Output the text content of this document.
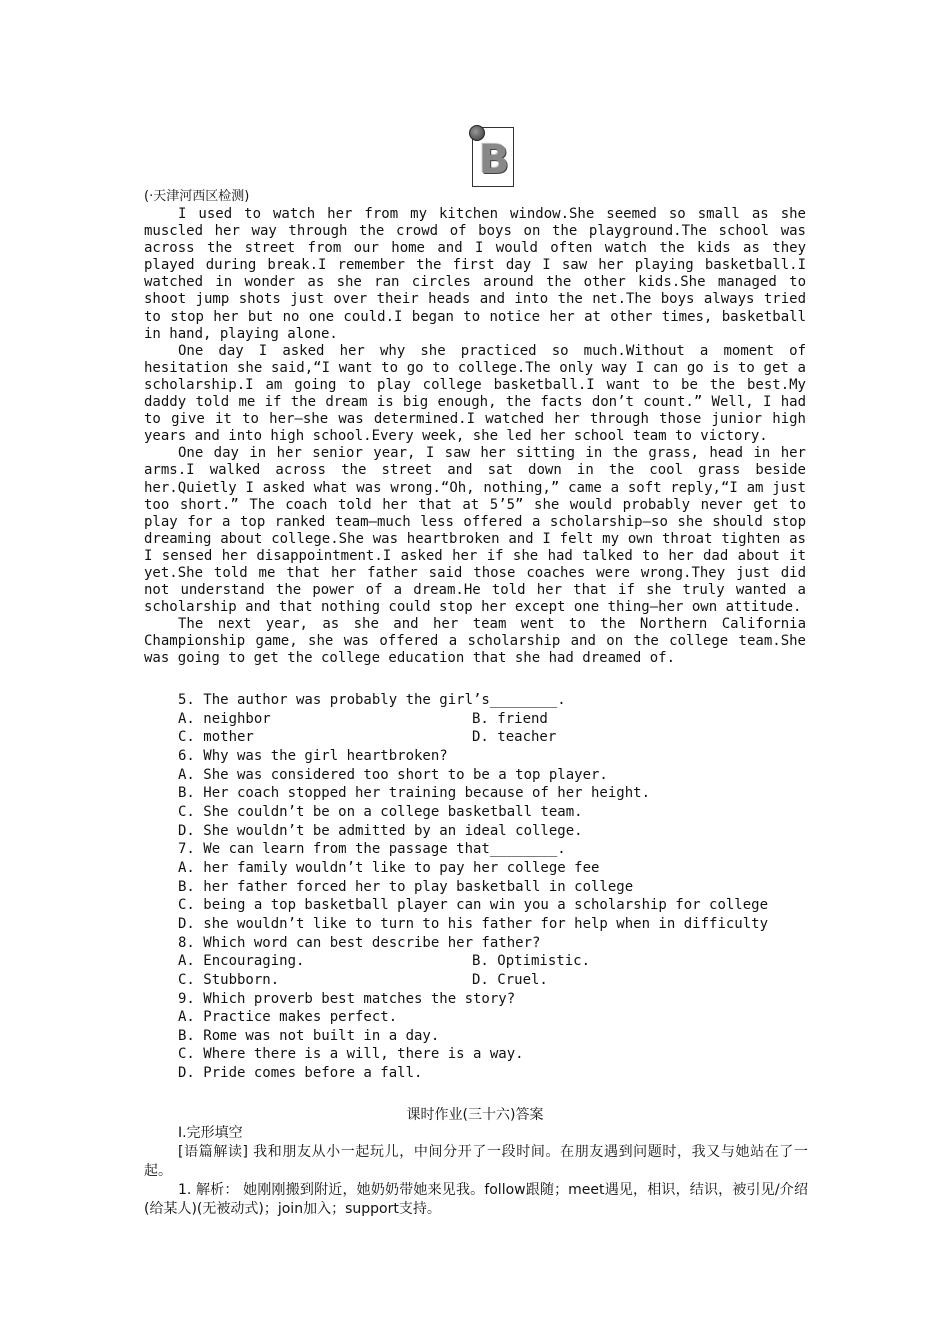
B
(·天津河西区检测)

I used to watch her from my kitchen window.She seemed so small as she muscled her way through the crowd of boys on the playground.The school was across the street from our home and I would often watch the kids as they played during break.I remember the first day I saw her playing basketball.I watched in wonder as she ran circles around the other kids.She managed to shoot jump shots just over their heads and into the net.The boys always tried to stop her but no one could.I began to notice her at other times, basketball in hand, playing alone.

One day I asked her why she practiced so much.Without a moment of hesitation she said,“I want to go to college.The only way I can go is to get a scholarship.I am going to play college basketball.I want to be the best.My daddy told me if the dream is big enough, the facts don’t count.” Well, I had to give it to her—she was determined.I watched her through those junior high years and into high school.Every week, she led her school team to victory.

One day in her senior year, I saw her sitting in the grass, head in her arms.I walked across the street and sat down in the cool grass beside her.Quietly I asked what was wrong.“Oh, nothing,” came a soft reply,“I am just too short.” The coach told her that at 5’5” she would probably never get to play for a top ranked team—much less offered a scholarship—so she should stop dreaming about college.She was heartbroken and I felt my own throat tighten as I sensed her disappointment.I asked her if she had talked to her dad about it yet.She told me that her father said those coaches were wrong.They just did not understand the power of a dream.He told her that if she truly wanted a scholarship and that nothing could stop her except one thing—her own attitude.

The next year, as she and her team went to the Northern California Championship game, she was offered a scholarship and on the college team.She was going to get the college education that she had dreamed of.

5. The author was probably the girl’s________.
A. neighbor	B. friend
C. mother	D. teacher
6. Why was the girl heartbroken?
A. She was considered too short to be a top player.
B. Her coach stopped her training because of her height.
C. She couldn’t be on a college basketball team.
D. She wouldn’t be admitted by an ideal college.
7. We can learn from the passage that________.
A. her family wouldn’t like to pay her college fee
B. her father forced her to play basketball in college
C. being a top basketball player can win you a scholarship for college
D. she wouldn’t like to turn to his father for help when in difficulty
8. Which word can best describe her father?
A. Encouraging.	B. Optimistic.
C. Stubborn.	D. Cruel.
9. Which proverb best matches the story?
A. Practice makes perfect.
B. Rome was not built in a day.
C. Where there is a will, there is a way.
D. Pride comes before a fall.
课时作业(三十六)答案

Ⅰ.完形填空

[语篇解读] 我和朋友从小一起玩儿，中间分开了一段时间。在朋友遇到问题时，我又与她站在了一起。

1. 解析： 她刚刚搬到附近，她奶奶带她来见我。follow跟随；meet遇见，相识，结识，被引见/介绍(给某人)(无被动式)；join加入；support支持。
